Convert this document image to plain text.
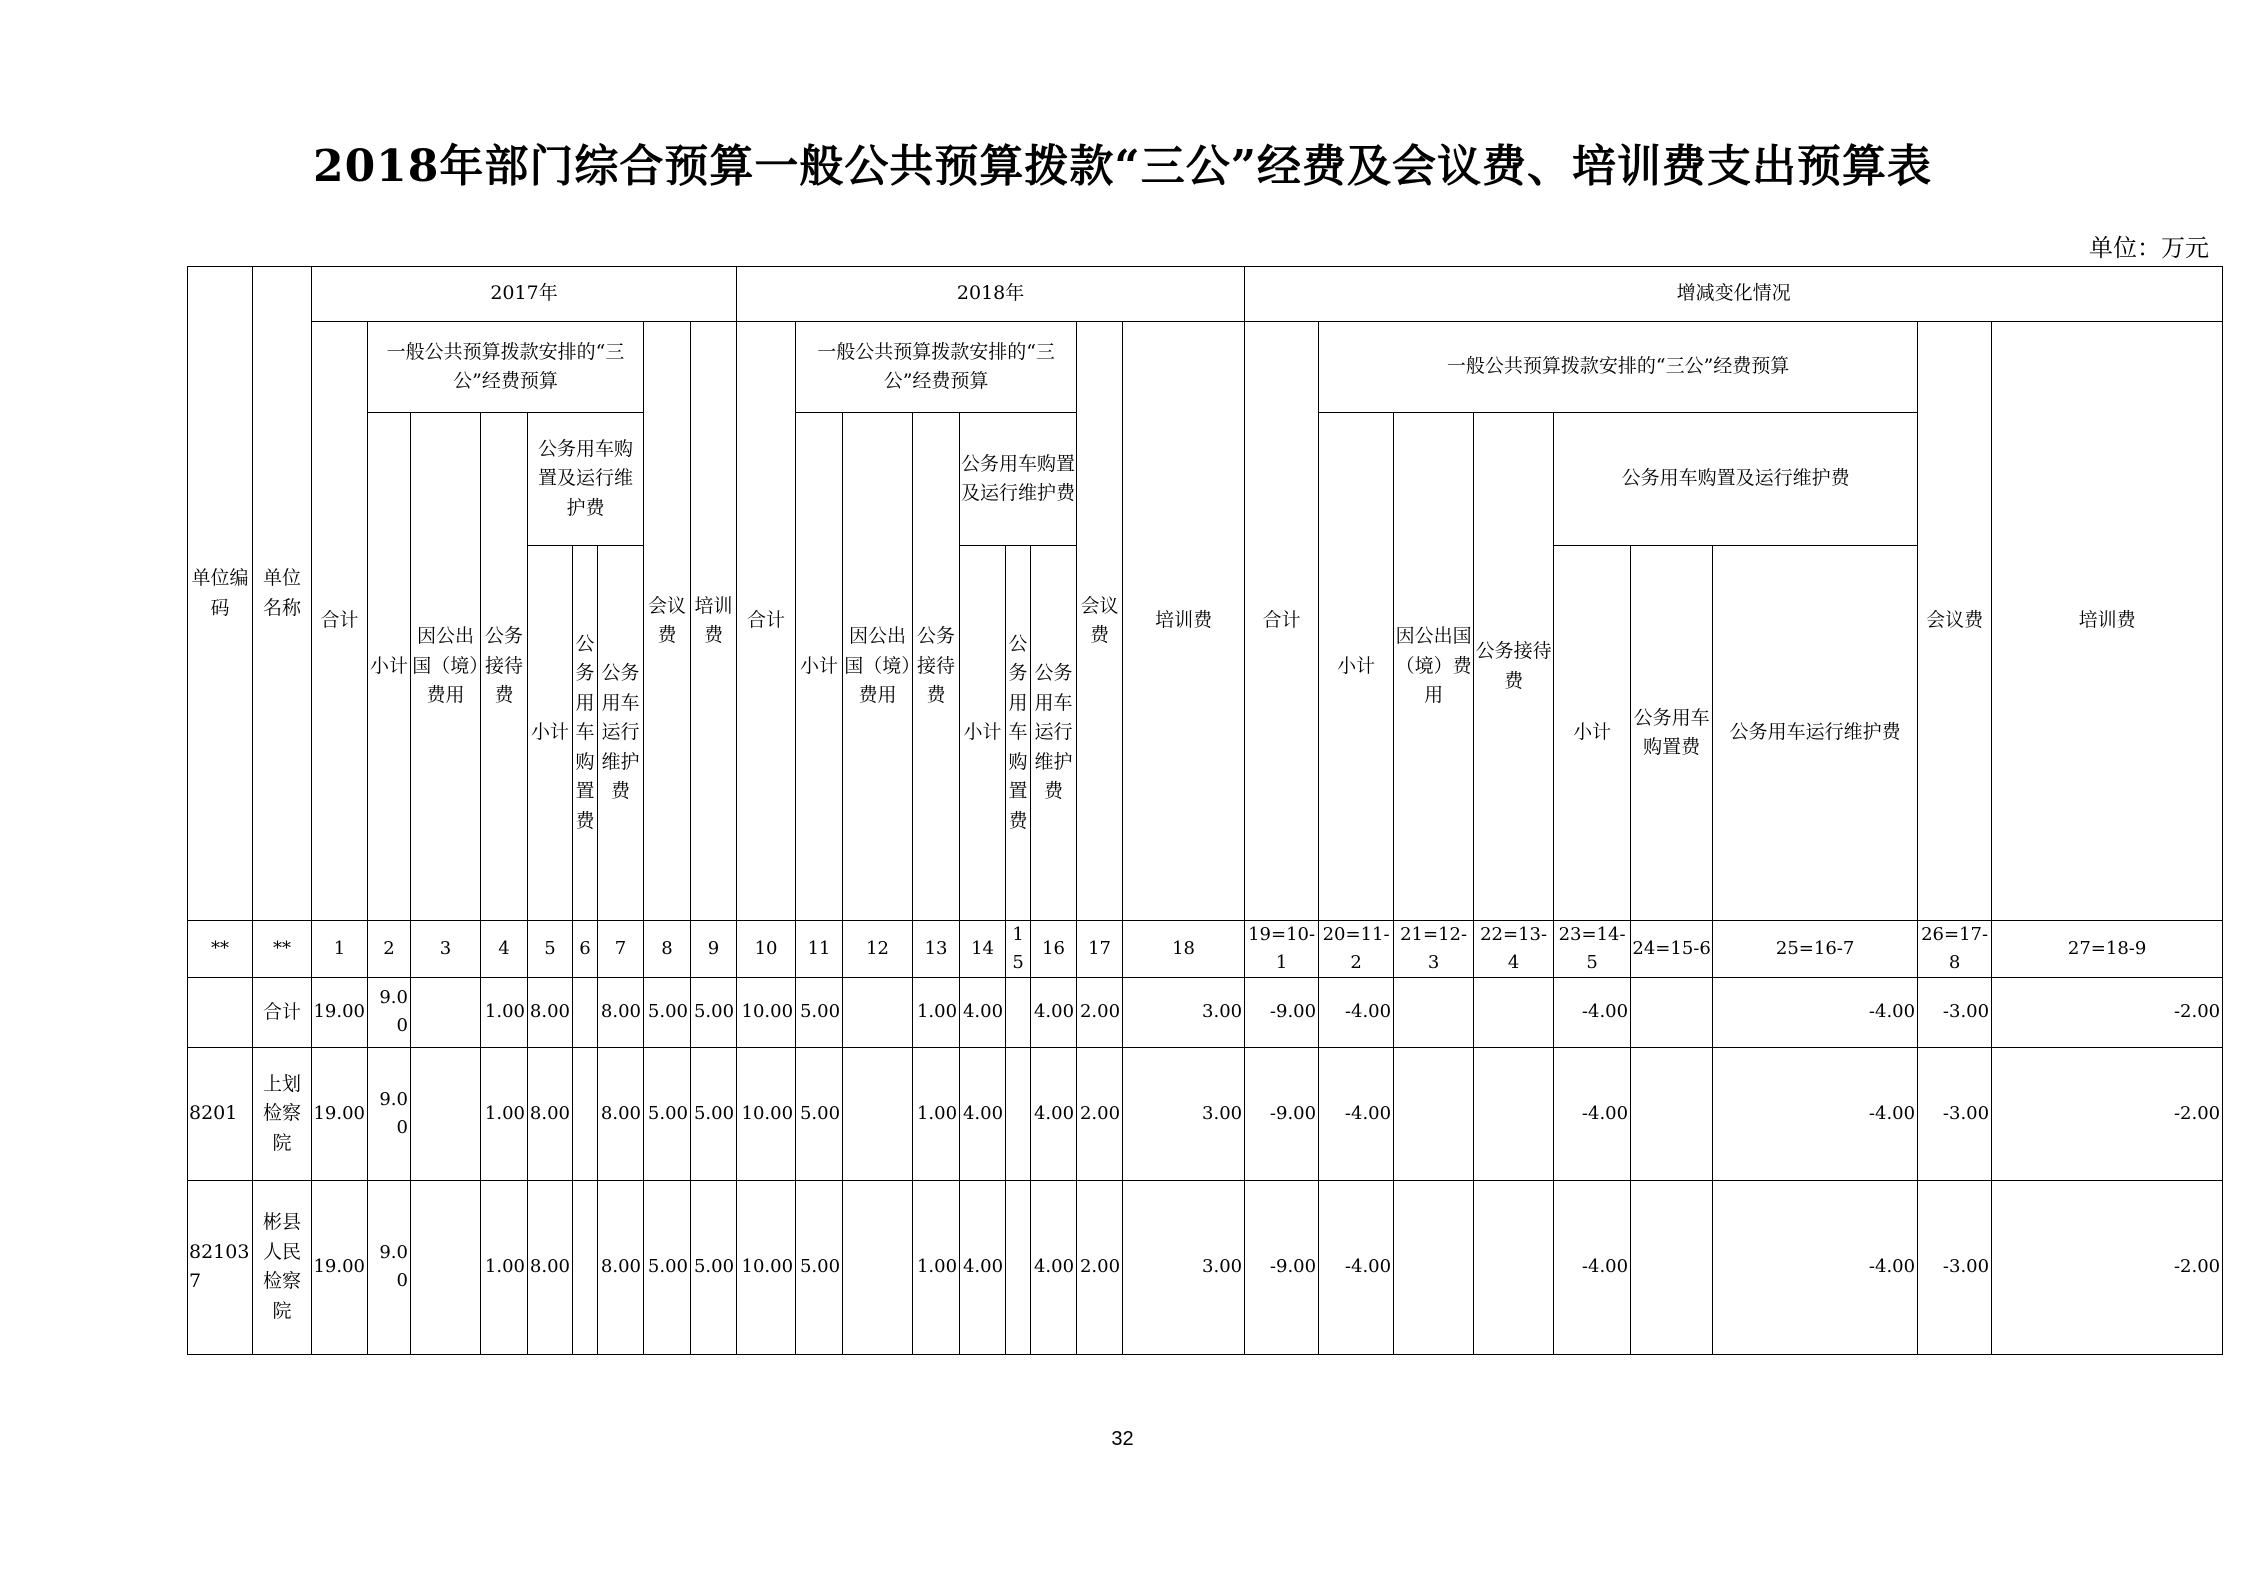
2018年部门综合预算一般公共预算拨款“三公”经费及会议费、培训费支出预算表
单位：万元
单位编码	单位名称	2017年									2018年									增减变化情况								
		合计	一般公共预算拨款安排的“三公”经费预算						会议费	培训费	合计	一般公共预算拨款安排的“三公”经费预算						会议费	培训费	合计	一般公共预算拨款安排的“三公”经费预算						会议费	培训费
			小计	因公出国（境）费用	公务接待费	公务用车购置及运行维护费						小计	因公出国（境）费用	公务接待费	公务用车购置及运行维护费						小计	因公出国（境）费用	公务接待费	公务用车购置及运行维护费				
						小计	公务用车购置费	公务用车运行维护费							小计	公务用车购置费	公务用车运行维护费							小计	公务用车购置费	公务用车运行维护费		

**	**	1	2	3	4	5	6	7	8	9	10	11	12	13	14	15	16	17	18	19=10-1	20=11-2	21=12-3	22=13-4	23=14-5	24=15-6	25=16-7	26=17-8	27=18-9
	合计	19.00	9.00		1.00	8.00		8.00	5.00	5.00	10.00	5.00		1.00	4.00		4.00	2.00	3.00	-9.00	-4.00			-4.00		-4.00	-3.00	-2.00
8201	上划检察院	19.00	9.00		1.00	8.00		8.00	5.00	5.00	10.00	5.00		1.00	4.00		4.00	2.00	3.00	-9.00	-4.00			-4.00		-4.00	-3.00	-2.00
821037	彬县人民检察院	19.00	9.00		1.00	8.00		8.00	5.00	5.00	10.00	5.00		1.00	4.00		4.00	2.00	3.00	-9.00	-4.00			-4.00		-4.00	-3.00	-2.00
32
